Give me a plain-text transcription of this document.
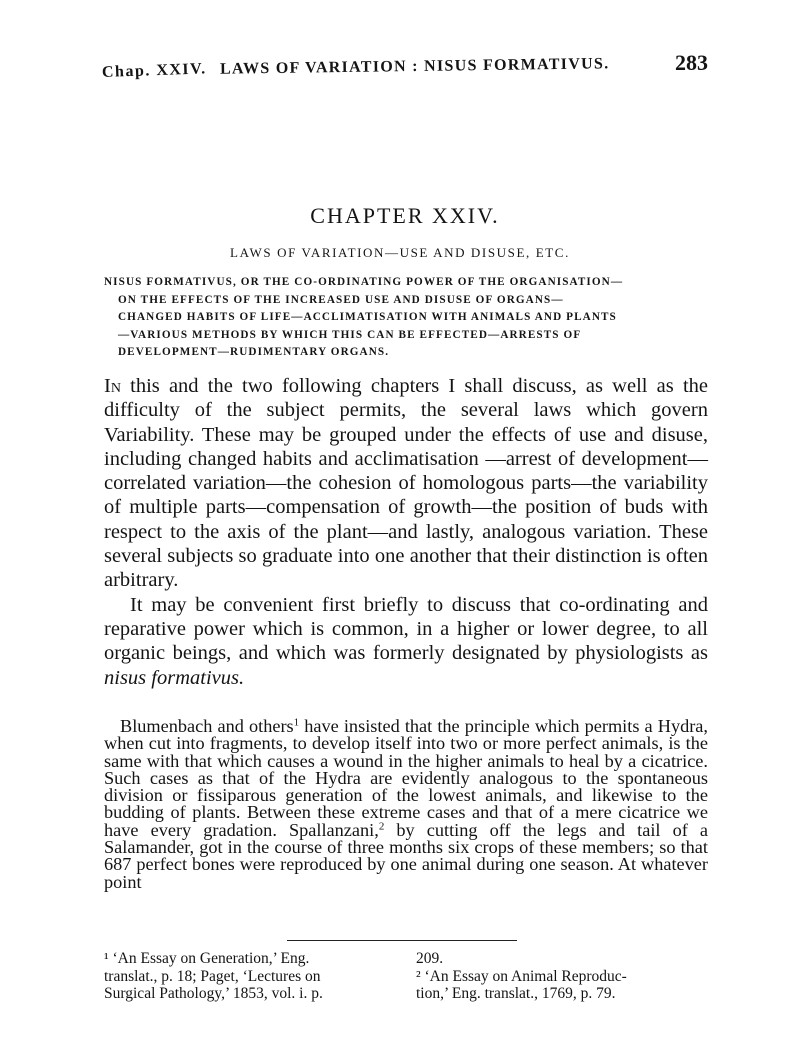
Chap. XXIV. LAWS OF VARIATION : NISUS FORMATIVUS.	283
CHAPTER XXIV.
LAWS OF VARIATION—USE AND DISUSE, ETC.
NISUS FORMATIVUS, OR THE CO-ORDINATING POWER OF THE ORGANISATION—
ON THE EFFECTS OF THE INCREASED USE AND DISUSE OF ORGANS—
CHANGED HABITS OF LIFE—ACCLIMATISATION WITH ANIMALS AND PLANTS
—VARIOUS METHODS BY WHICH THIS CAN BE EFFECTED—ARRESTS OF
DEVELOPMENT—RUDIMENTARY ORGANS.

In this and the two following chapters I shall discuss, as well as the difficulty of the subject permits, the several laws which govern Variability. These may be grouped under the effects of use and disuse, including changed habits and acclimatisation —arrest of development—correlated variation—the cohesion of homologous parts—the variability of multiple parts—compensation of growth—the position of buds with respect to the axis of the plant—and lastly, analogous variation. These several subjects so graduate into one another that their distinction is often arbitrary.

It may be convenient first briefly to discuss that co-ordinating and reparative power which is common, in a higher or lower degree, to all organic beings, and which was formerly designated by physiologists as nisus formativus.

Blumenbach and others$^1$ have insisted that the principle which permits a Hydra, when cut into fragments, to develop itself into two or more perfect animals, is the same with that which causes a wound in the higher animals to heal by a cicatrice. Such cases as that of the Hydra are evidently analogous to the spontaneous division or fissiparous generation of the lowest animals, and likewise to the budding of plants. Between these extreme cases and that of a mere cicatrice we have every gradation. Spallanzani,$^2$ by cutting off the legs and tail of a Salamander, got in the course of three months six crops of these members; so that 687 perfect bones were reproduced by one animal during one season. At whatever point

¹ ‘An Essay on Generation,’ Eng.
translat., p. 18; Paget, ‘Lectures on
Surgical Pathology,’ 1853, vol. i. p.
209.
² ‘An Essay on Animal Reproduc-
tion,’ Eng. translat., 1769, p. 79.
